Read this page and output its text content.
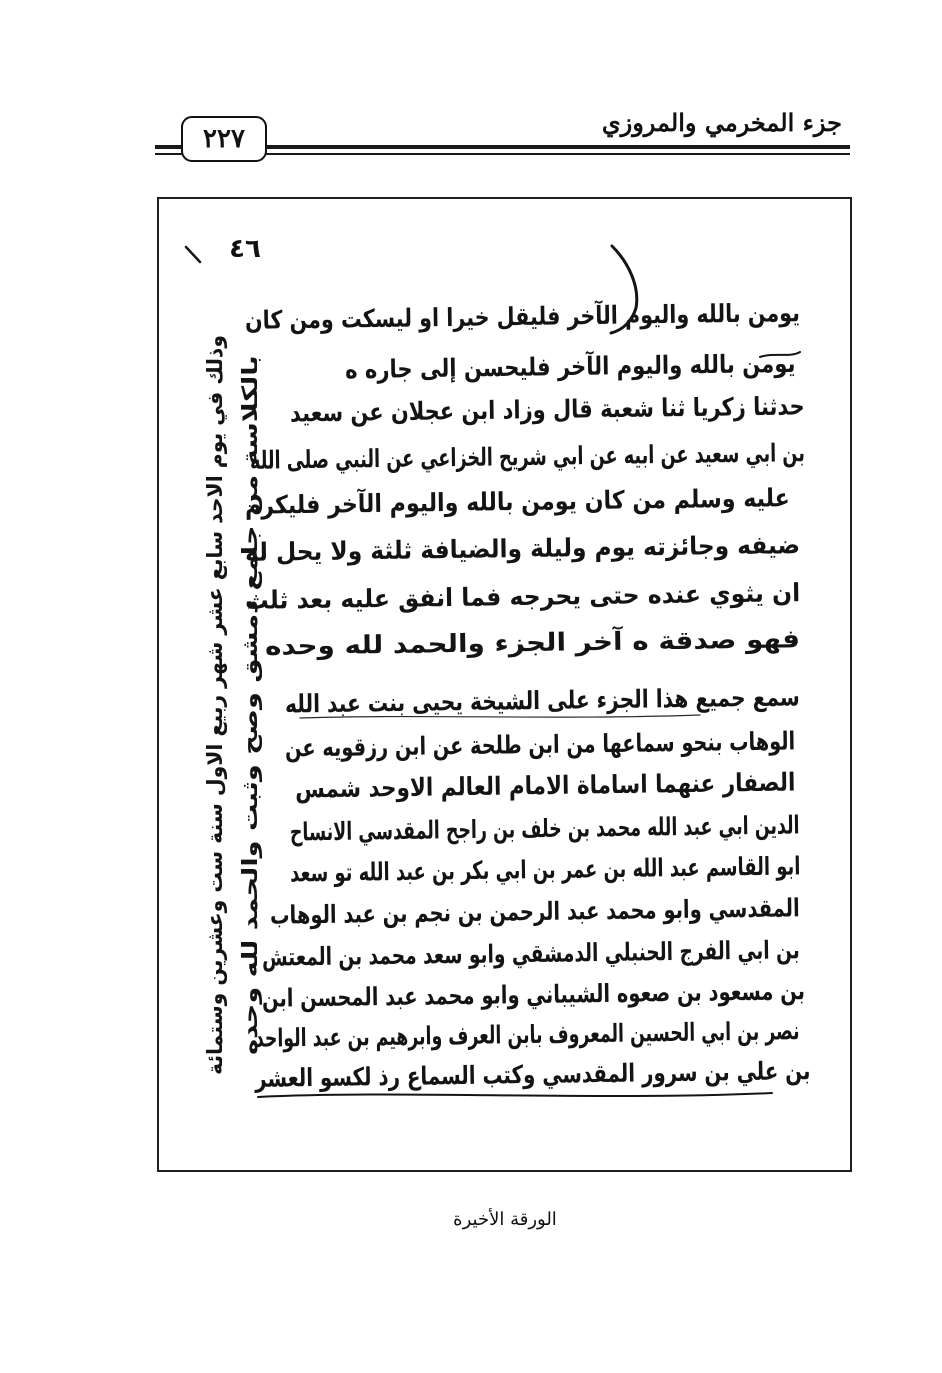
جزء المخرمي والمروزي
٢٢٧
٤٦
يومن بالله واليوم الآخر فليقل خيرا او ليسكت ومن كان
يومن بالله واليوم الآخر فليحسن إلى جاره ه
حدثنا زكريا ثنا شعبة قال وزاد ابن عجلان عن سعيد
بن ابي سعيد عن ابيه عن ابي شريح الخزاعي عن النبي صلى الله
عليه وسلم من كان يومن بالله واليوم الآخر فليكرم
ضيفه وجائزته يوم وليلة والضيافة ثلثة ولا يحل له
ان يثوي عنده حتى يحرجه فما انفق عليه بعد ثلث
فهو صدقة ه آخر الجزء والحمد لله وحده
سمع جميع هذا الجزء على الشيخة يحيى بنت عبد الله
الوهاب بنحو سماعها من ابن طلحة عن ابن رزقويه عن
الصفار عنهما اساماة الامام العالم الاوحد شمس
الدين ابي عبد الله محمد بن خلف بن راجح المقدسي الانساح
ابو القاسم عبد الله بن عمر بن ابي بكر بن عبد الله تو سعد
المقدسي وابو محمد عبد الرحمن بن نجم بن عبد الوهاب
بن ابي الفرج الحنبلي الدمشقي وابو سعد محمد بن المعتش
بن مسعود بن صعوه الشيباني وابو محمد عبد المحسن ابن
نصر بن ابي الحسين المعروف بابن العرف وابرهيم بن عبد الواحد
بن علي بن سرور المقدسي وكتب السماع رذ لكسو العشر
وذلك في يوم الاحد سابع عشر شهر ربيع الاول سنة ست وعشرين وستمائة بالكلاسة من جامع دمشق وصح وثبت والحمد لله وحده
الورقة الأخيرة
